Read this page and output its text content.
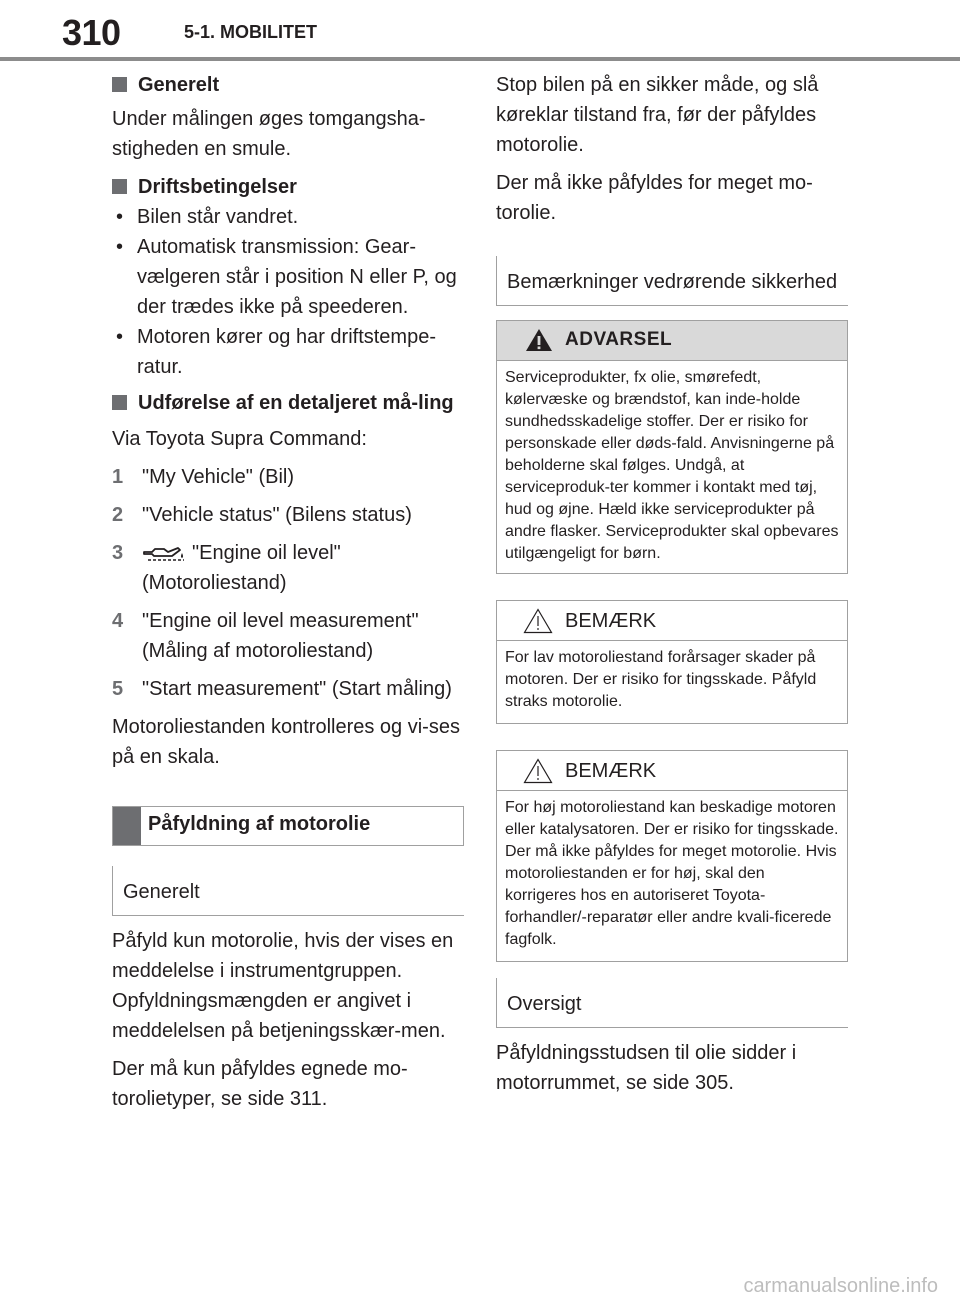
310	5-1. MOBILITET
Generelt

Under målingen øges tomgangsha-stigheden en smule.

Driftsbetingelser
• Bilen står vandret.
• Automatisk transmission: Gear-vælgeren står i position N eller P, og der trædes ikke på speederen.
• Motoren kører og har driftstempe-ratur.
Udførelse af en detaljeret må-ling

Via Toyota Supra Command:

1 "My Vehicle" (Bil)
2 "Vehicle status" (Bilens status)
3	"Engine oil level" (Motoroliestand)
4 "Engine oil level measurement" (Måling af motoroliestand)
5 "Start measurement" (Start måling)

Motoroliestanden kontrolleres og vi-ses på en skala.

Påfyldning af motorolie
Generelt

Påfyld kun motorolie, hvis der vises en meddelelse i instrumentgruppen. Opfyldningsmængden er angivet i meddelelsen på betjeningsskær-men.

Der må kun påfyldes egnede mo-torolietyper, se side 311.

Stop bilen på en sikker måde, og slå køreklar tilstand fra, før der påfyldes motorolie.

Der må ikke påfyldes for meget mo-torolie.

Bemærkninger vedrørende sikkerhed
ADVARSEL
Serviceprodukter, fx olie, smørefedt, kølervæske og brændstof, kan inde-holde sundhedsskadelige stoffer. Der er risiko for personskade eller døds-fald. Anvisningerne på beholderne skal følges. Undgå, at serviceproduk-ter kommer i kontakt med tøj, hud og øjne. Hæld ikke serviceprodukter på andre flasker. Serviceprodukter skal opbevares utilgængeligt for børn.
BEMÆRK
For lav motoroliestand forårsager skader på motoren. Der er risiko for tingsskade. Påfyld straks motorolie.
BEMÆRK
For høj motoroliestand kan beskadige motoren eller katalysatoren. Der er risiko for tingsskade. Der må ikke påfyldes for meget motorolie. Hvis motoroliestanden er for høj, skal den korrigeres hos en autoriseret Toyota-forhandler/-reparatør eller andre kvali-ficerede fagfolk.
Oversigt

Påfyldningsstudsen til olie sidder i motorrummet, se side 305.

carmanualsonline.info
